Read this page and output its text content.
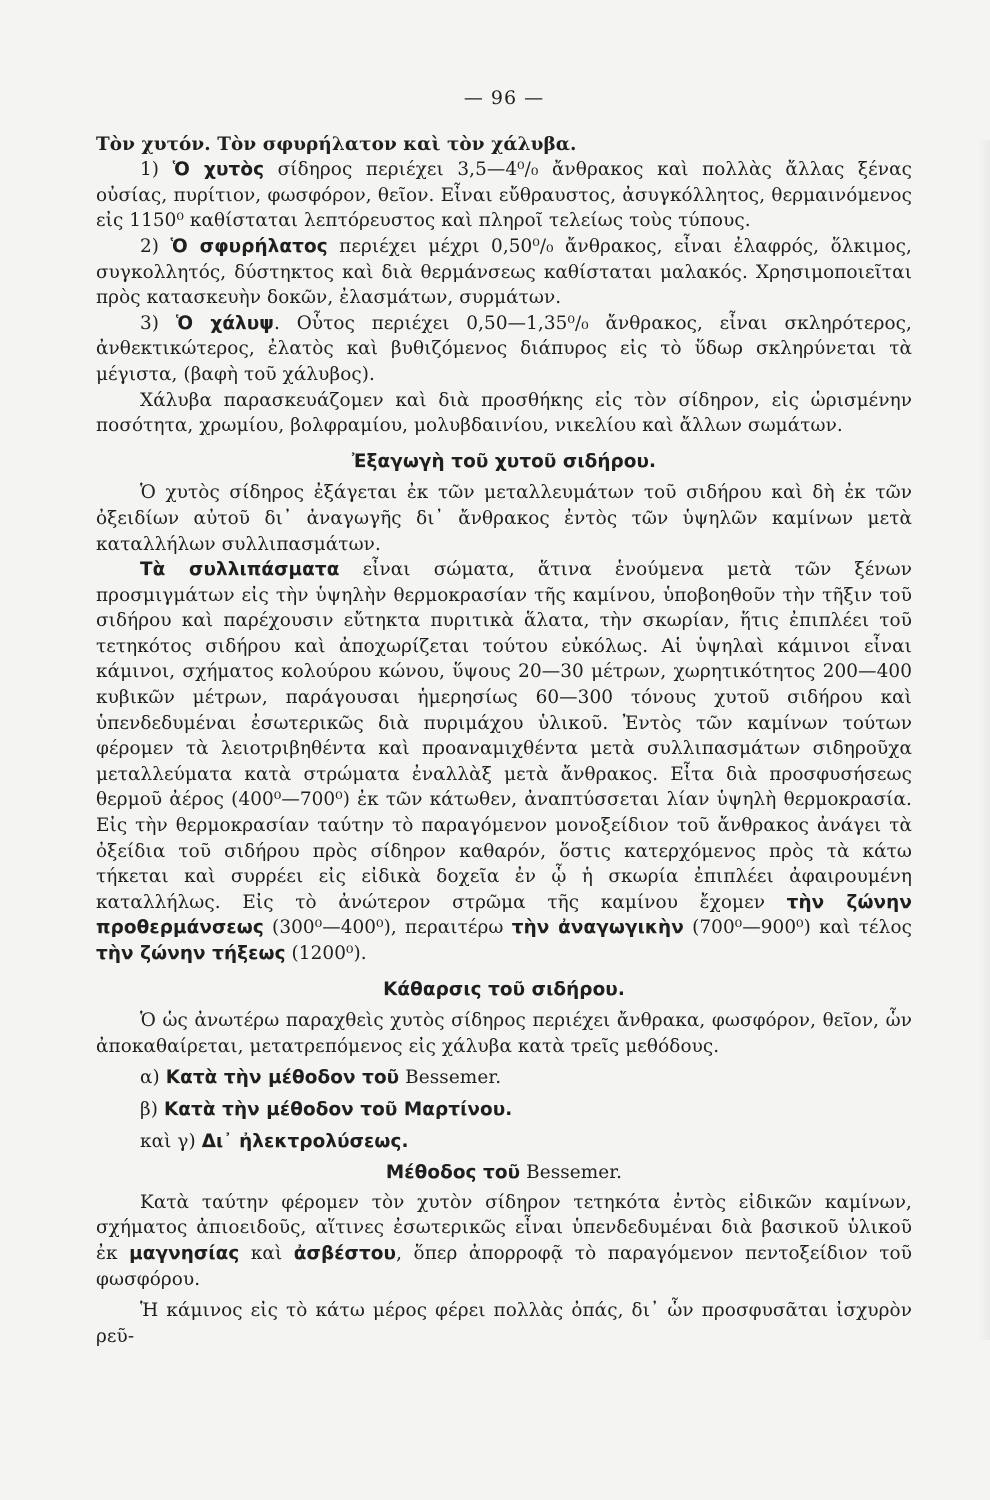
— 96 —

Τὸν χυτόν. Τὸν σφυρήλατον καὶ τὸν χάλυβα.

1) Ὁ χυτὸς σίδηρος περιέχει 3,5—4⁰/₀ ἄνθρακος καὶ πολλὰς ἄλλας ξένας οὐσίας, πυρίτιον, φωσφόρον, θεῖον. Εἶναι εὔθραυστος, ἀσυγκόλλητος, θερμαινόμενος εἰς 1150⁰ καθίσταται λεπτόρευστος καὶ πληροῖ τελείως τοὺς τύπους.

2) Ὁ σφυρήλατος περιέχει μέχρι 0,50⁰/₀ ἄνθρακος, εἶναι ἐλαφρός, ὅλκιμος, συγκολλητός, δύστηκτος καὶ διὰ θερμάνσεως καθίσταται μαλακός. Χρησιμοποιεῖται πρὸς κατασκευὴν δοκῶν, ἐλασμάτων, συρμάτων.

3) Ὁ χάλυψ. Οὗτος περιέχει 0,50—1,35⁰/₀ ἄνθρακος, εἶναι σκληρότερος, ἀνθεκτικώτερος, ἐλατὸς καὶ βυθιζόμενος διάπυρος εἰς τὸ ὕδωρ σκληρύνεται τὰ μέγιστα, (βαφὴ τοῦ χάλυβος).

Χάλυβα παρασκευάζομεν καὶ διὰ προσθήκης εἰς τὸν σίδηρον, εἰς ὡρισμένην ποσότητα, χρωμίου, βολφραμίου, μολυβδαινίου, νικελίου καὶ ἄλλων σωμάτων.

Ἐξαγωγὴ τοῦ χυτοῦ σιδήρου.

Ὁ χυτὸς σίδηρος ἐξάγεται ἐκ τῶν μεταλλευμάτων τοῦ σιδήρου καὶ δὴ ἐκ τῶν ὀξειδίων αὐτοῦ δι᾽ ἀναγωγῆς δι᾽ ἄνθρακος ἐντὸς τῶν ὑψηλῶν καμίνων μετὰ καταλλήλων συλλιπασμάτων.

Τὰ συλλιπάσματα εἶναι σώματα, ἅτινα ἑνούμενα μετὰ τῶν ξένων προσμιγμάτων εἰς τὴν ὑψηλὴν θερμοκρασίαν τῆς καμίνου, ὑποβοηθοῦν τὴν τῆξιν τοῦ σιδήρου καὶ παρέχουσιν εὔτηκτα πυριτικὰ ἅλατα, τὴν σκωρίαν, ἥτις ἐπιπλέει τοῦ τετηκότος σιδήρου καὶ ἀποχωρίζεται τούτου εὐκόλως. Αἱ ὑψηλαὶ κάμινοι εἶναι κάμινοι, σχήματος κολούρου κώνου, ὕψους 20—30 μέτρων, χωρητικότητος 200—400 κυβικῶν μέτρων, παράγουσαι ἡμερησίως 60—300 τόνους χυτοῦ σιδήρου καὶ ὑπενδεδυμέναι ἐσωτερικῶς διὰ πυριμάχου ὑλικοῦ. Ἐντὸς τῶν καμίνων τούτων φέρομεν τὰ λειοτριβηθέντα καὶ προαναμιχθέντα μετὰ συλλιπασμάτων σιδηροῦχα μεταλλεύματα κατὰ στρώματα ἐναλλὰξ μετὰ ἄνθρακος. Εἶτα διὰ προσφυσήσεως θερμοῦ ἀέρος (400⁰—700⁰) ἐκ τῶν κάτωθεν, ἀναπτύσσεται λίαν ὑψηλὴ θερμοκρασία. Εἰς τὴν θερμοκρασίαν ταύτην τὸ παραγόμενον μονοξείδιον τοῦ ἄνθρακος ἀνάγει τὰ ὀξείδια τοῦ σιδήρου πρὸς σίδηρον καθαρόν, ὅστις κατερχόμενος πρὸς τὰ κάτω τήκεται καὶ συρρέει εἰς εἰδικὰ δοχεῖα ἐν ᾧ ἡ σκωρία ἐπιπλέει ἀφαιρουμένη καταλλήλως. Εἰς τὸ ἀνώτερον στρῶμα τῆς καμίνου ἔχομεν τὴν ζώνην προθερμάνσεως (300⁰—400⁰), περαιτέρω τὴν ἀναγωγικὴν (700⁰—900⁰) καὶ τέλος τὴν ζώνην τήξεως (1200⁰).

Κάθαρσις τοῦ σιδήρου.

Ὁ ὡς ἀνωτέρω παραχθεὶς χυτὸς σίδηρος περιέχει ἄνθρακα, φωσφόρον, θεῖον, ὧν ἀποκαθαίρεται, μετατρεπόμενος εἰς χάλυβα κατὰ τρεῖς μεθόδους.

α) Κατὰ τὴν μέθοδον τοῦ Bessemer.

β) Κατὰ τὴν μέθοδον τοῦ Μαρτίνου.

καὶ γ) Δι᾽ ἠλεκτρολύσεως.

Μέθοδος τοῦ Bessemer.

Κατὰ ταύτην φέρομεν τὸν χυτὸν σίδηρον τετηκότα ἐντὸς εἰδικῶν καμίνων, σχήματος ἀπιοειδοῦς, αἵτινες ἐσωτερικῶς εἶναι ὑπενδεδυμέναι διὰ βασικοῦ ὑλικοῦ ἐκ μαγνησίας καὶ ἀσβέστου, ὅπερ ἀπορροφᾷ τὸ παραγόμενον πεντοξείδιον τοῦ φωσφόρου.

Ἡ κάμινος εἰς τὸ κάτω μέρος φέρει πολλὰς ὀπάς, δι᾽ ὧν προσφυσᾶται ἰσχυρὸν ρεῦ-
